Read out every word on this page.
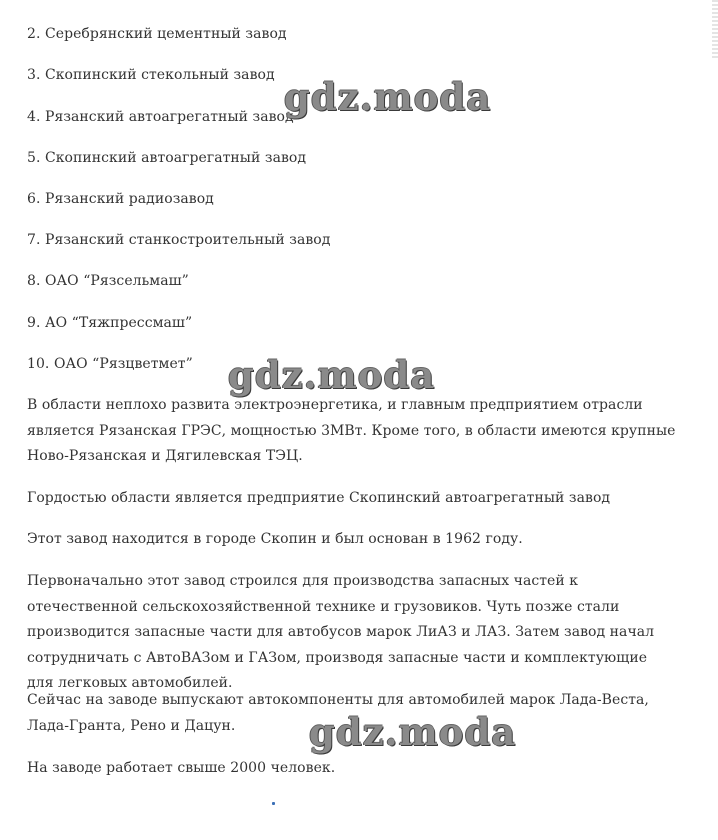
2. Серебрянский цементный завод
3. Скопинский стекольный завод
4. Рязанский автоагрегатный завод
5. Скопинский автоагрегатный завод
6. Рязанский радиозавод
7. Рязанский станкостроительный завод
8. ОАО “Рязсельмаш”
9. АО “Тяжпрессмаш”
10. ОАО “Рязцветмет”

В области неплохо развита электроэнергетика, и главным предприятием отрасли является Рязанская ГРЭС, мощностью 3МВт. Кроме того, в области имеются крупные Ново-Рязанская и Дягилевская ТЭЦ.

Гордостью области является предприятие Скопинский автоагрегатный завод

Этот завод находится в городе Скопин и был основан в 1962 году.

Первоначально этот завод строился для производства запасных частей к отечественной сельскохозяйственной технике и грузовиков. Чуть позже стали производится запасные части для автобусов марок ЛиАЗ и ЛАЗ. Затем завод начал сотрудничать с АвтоВАЗом и ГАЗом, производя запасные части и комплектующие для легковых автомобилей.

Сейчас на заводе выпускают автокомпоненты для автомобилей марок Лада-Веста, Лада-Гранта, Рено и Дацун.

На заводе работает свыше 2000 человек.

gdz.moda
gdz.moda
gdz.moda
